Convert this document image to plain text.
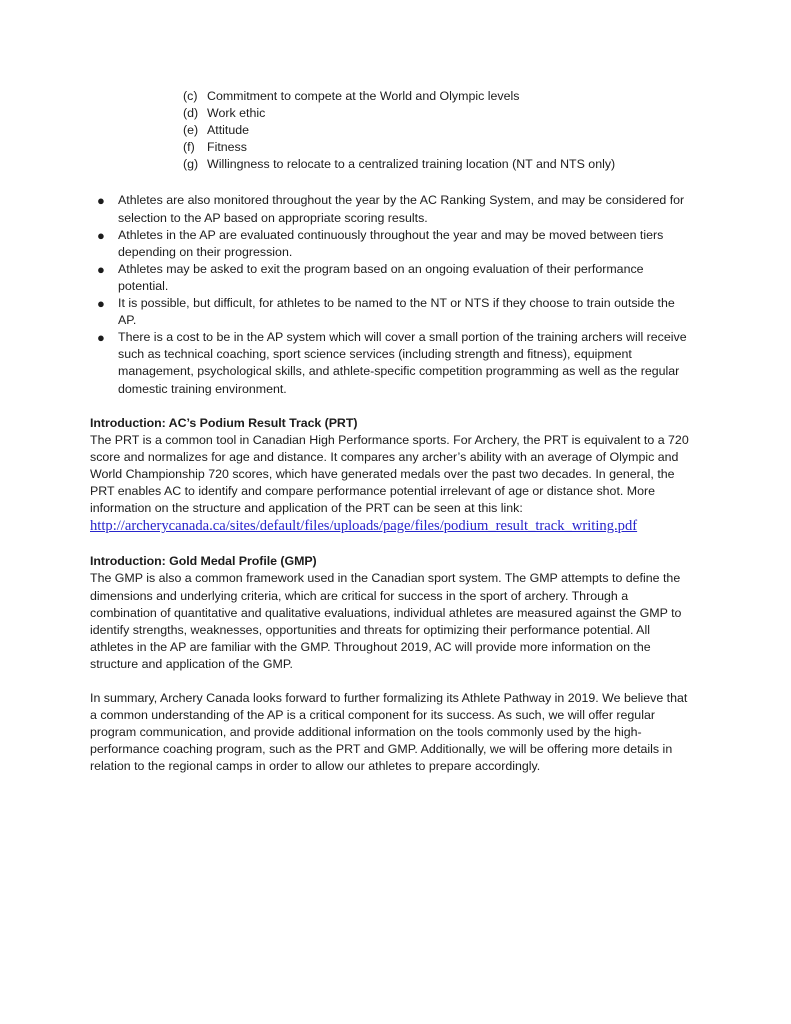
(c) Commitment to compete at the World and Olympic levels
(d) Work ethic
(e) Attitude
(f) Fitness
(g) Willingness to relocate to a centralized training location (NT and NTS only)
●	Athletes are also monitored throughout the year by the AC Ranking System, and may be considered for selection to the AP based on appropriate scoring results.
●	Athletes in the AP are evaluated continuously throughout the year and may be moved between tiers depending on their progression.
●	Athletes may be asked to exit the program based on an ongoing evaluation of their performance potential.
●	It is possible, but difficult, for athletes to be named to the NT or NTS if they choose to train outside the AP.
●	There is a cost to be in the AP system which will cover a small portion of the training archers will receive such as technical coaching, sport science services (including strength and fitness), equipment management, psychological skills, and athlete-specific competition programming as well as the regular domestic training environment.

Introduction: AC’s Podium Result Track (PRT)

The PRT is a common tool in Canadian High Performance sports. For Archery, the PRT is equivalent to a 720 score and normalizes for age and distance. It compares any archer’s ability with an average of Olympic and World Championship 720 scores, which have generated medals over the past two decades. In general, the PRT enables AC to identify and compare performance potential irrelevant of age or distance shot. More information on the structure and application of the PRT can be seen at this link:

http://archerycanada.ca/sites/default/files/uploads/page/files/podium_result_track_writing.pdf

Introduction: Gold Medal Profile (GMP)

The GMP is also a common framework used in the Canadian sport system. The GMP attempts to define the dimensions and underlying criteria, which are critical for success in the sport of archery. Through a combination of quantitative and qualitative evaluations, individual athletes are measured against the GMP to identify strengths, weaknesses, opportunities and threats for optimizing their performance potential. All athletes in the AP are familiar with the GMP. Throughout 2019, AC will provide more information on the structure and application of the GMP.

In summary, Archery Canada looks forward to further formalizing its Athlete Pathway in 2019. We believe that a common understanding of the AP is a critical component for its success. As such, we will offer regular program communication, and provide additional information on the tools commonly used by the high-performance coaching program, such as the PRT and GMP. Additionally, we will be offering more details in relation to the regional camps in order to allow our athletes to prepare accordingly.
